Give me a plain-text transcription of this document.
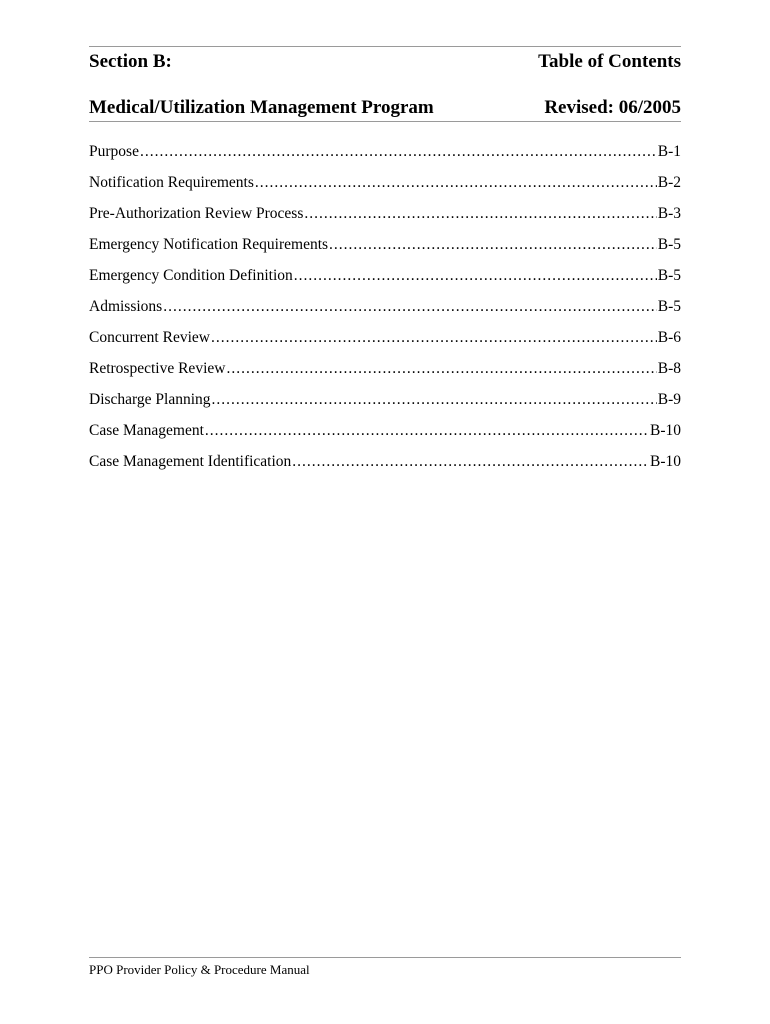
Section B:	Table of Contents
Medical/Utilization Management Program	Revised: 06/2005
Purpose .....	B-1
Notification Requirements .....	B-2
Pre-Authorization Review Process .....	B-3
Emergency Notification Requirements .....	B-5
Emergency Condition Definition .....	B-5
Admissions .....	B-5
Concurrent Review .....	B-6
Retrospective Review .....	B-8
Discharge Planning .....	B-9
Case Management .....	B-10
Case Management Identification .....	B-10
PPO Provider Policy & Procedure Manual
